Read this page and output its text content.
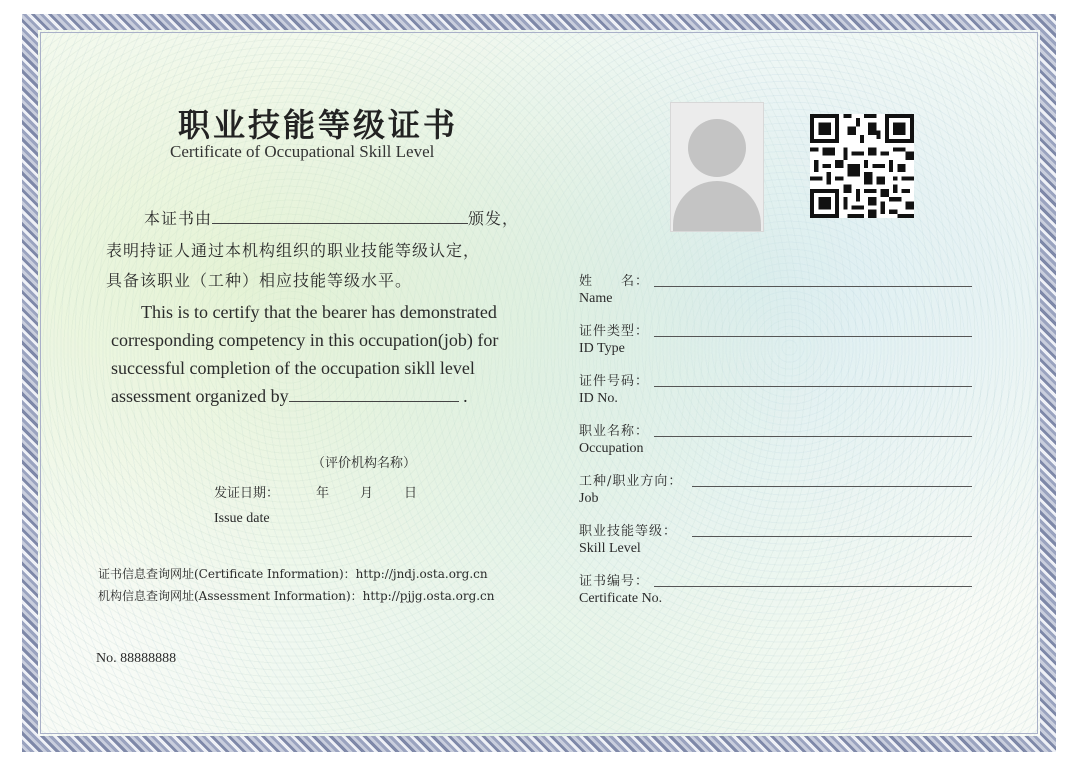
职业技能等级证书
Certificate of Occupational Skill Level
本证书由	颁发，
表明持证人通过本机构组织的职业技能等级认定，
具备该职业（工种）相应技能等级水平。
This is to certify that the bearer has demonstrated
corresponding competency in this occupation(job) for
successful completion of the occupation sikll level
assessment organized by	.
（评价机构名称）
发证日期：	年 月 日
Issue date
证书信息查询网址(Certificate Information)：http://jndj.osta.org.cn
机构信息查询网址(Assessment Information)：http://pjjg.osta.org.cn
No. 88888888
姓　　名：
Name
证件类型：
ID Type
证件号码：
ID No.
职业名称：
Occupation
工种/职业方向：
Job
职业技能等级：
Skill Level
证书编号：
Certificate No.
